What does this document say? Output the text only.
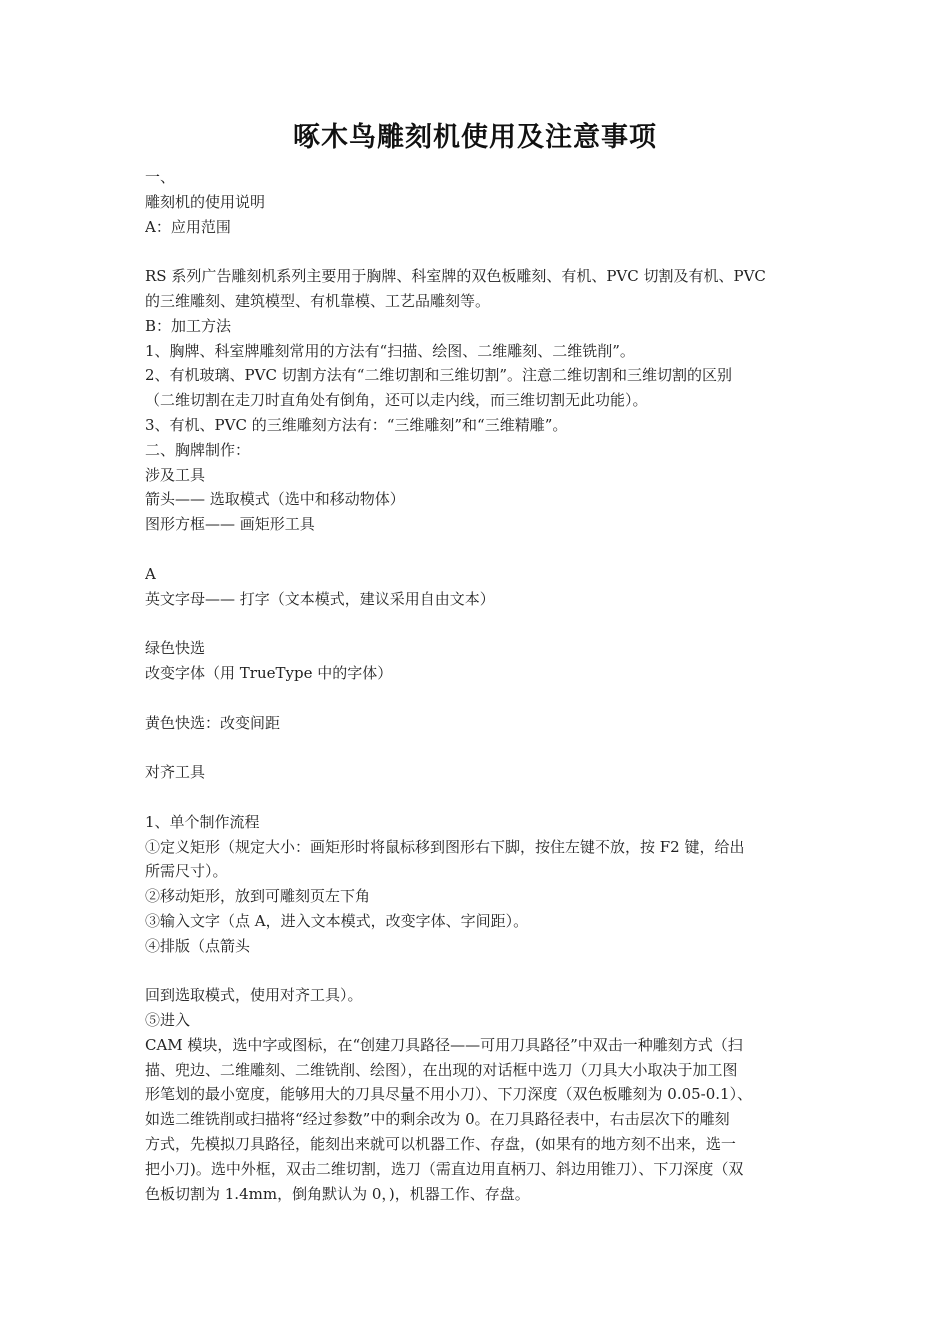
啄木鸟雕刻机使用及注意事项
一、
雕刻机的使用说明
A：应用范围
RS 系列广告雕刻机系列主要用于胸牌、科室牌的双色板雕刻、有机、PVC 切割及有机、PVC
的三维雕刻、建筑模型、有机靠模、工艺品雕刻等。
B：加工方法
1、胸牌、科室牌雕刻常用的方法有“扫描、绘图、二维雕刻、二维铣削”。
2、有机玻璃、PVC 切割方法有“二维切割和三维切割”。注意二维切割和三维切割的区别
（二维切割在走刀时直角处有倒角，还可以走内线，而三维切割无此功能）。
3、有机、PVC 的三维雕刻方法有：“三维雕刻”和“三维精雕”。
二、胸牌制作：
涉及工具
箭头—— 选取模式（选中和移动物体）
图形方框—— 画矩形工具
A
英文字母—— 打字（文本模式，建议采用自由文本）
绿色快选
改变字体（用 TrueType 中的字体）
黄色快选：改变间距
对齐工具
1、单个制作流程
①定义矩形（规定大小：画矩形时将鼠标移到图形右下脚，按住左键不放，按 F2 键，给出
所需尺寸）。
②移动矩形，放到可雕刻页左下角
③输入文字（点 A，进入文本模式，改变字体、字间距）。
④排版（点箭头
回到选取模式，使用对齐工具）。
⑤进入
CAM 模块，选中字或图标，在“创建刀具路径——可用刀具路径”中双击一种雕刻方式（扫
描、兜边、二维雕刻、二维铣削、绘图），在出现的对话框中选刀（刀具大小取决于加工图
形笔划的最小宽度，能够用大的刀具尽量不用小刀）、下刀深度（双色板雕刻为 0.05-0.1）、
如选二维铣削或扫描将“经过参数”中的剩余改为 0。在刀具路径表中，右击层次下的雕刻
方式，先模拟刀具路径，能刻出来就可以机器工作、存盘，(如果有的地方刻不出来，选一
把小刀)。选中外框，双击二维切割，选刀（需直边用直柄刀、斜边用锥刀）、下刀深度（双
色板切割为 1.4mm，倒角默认为 0，)，机器工作、存盘。
